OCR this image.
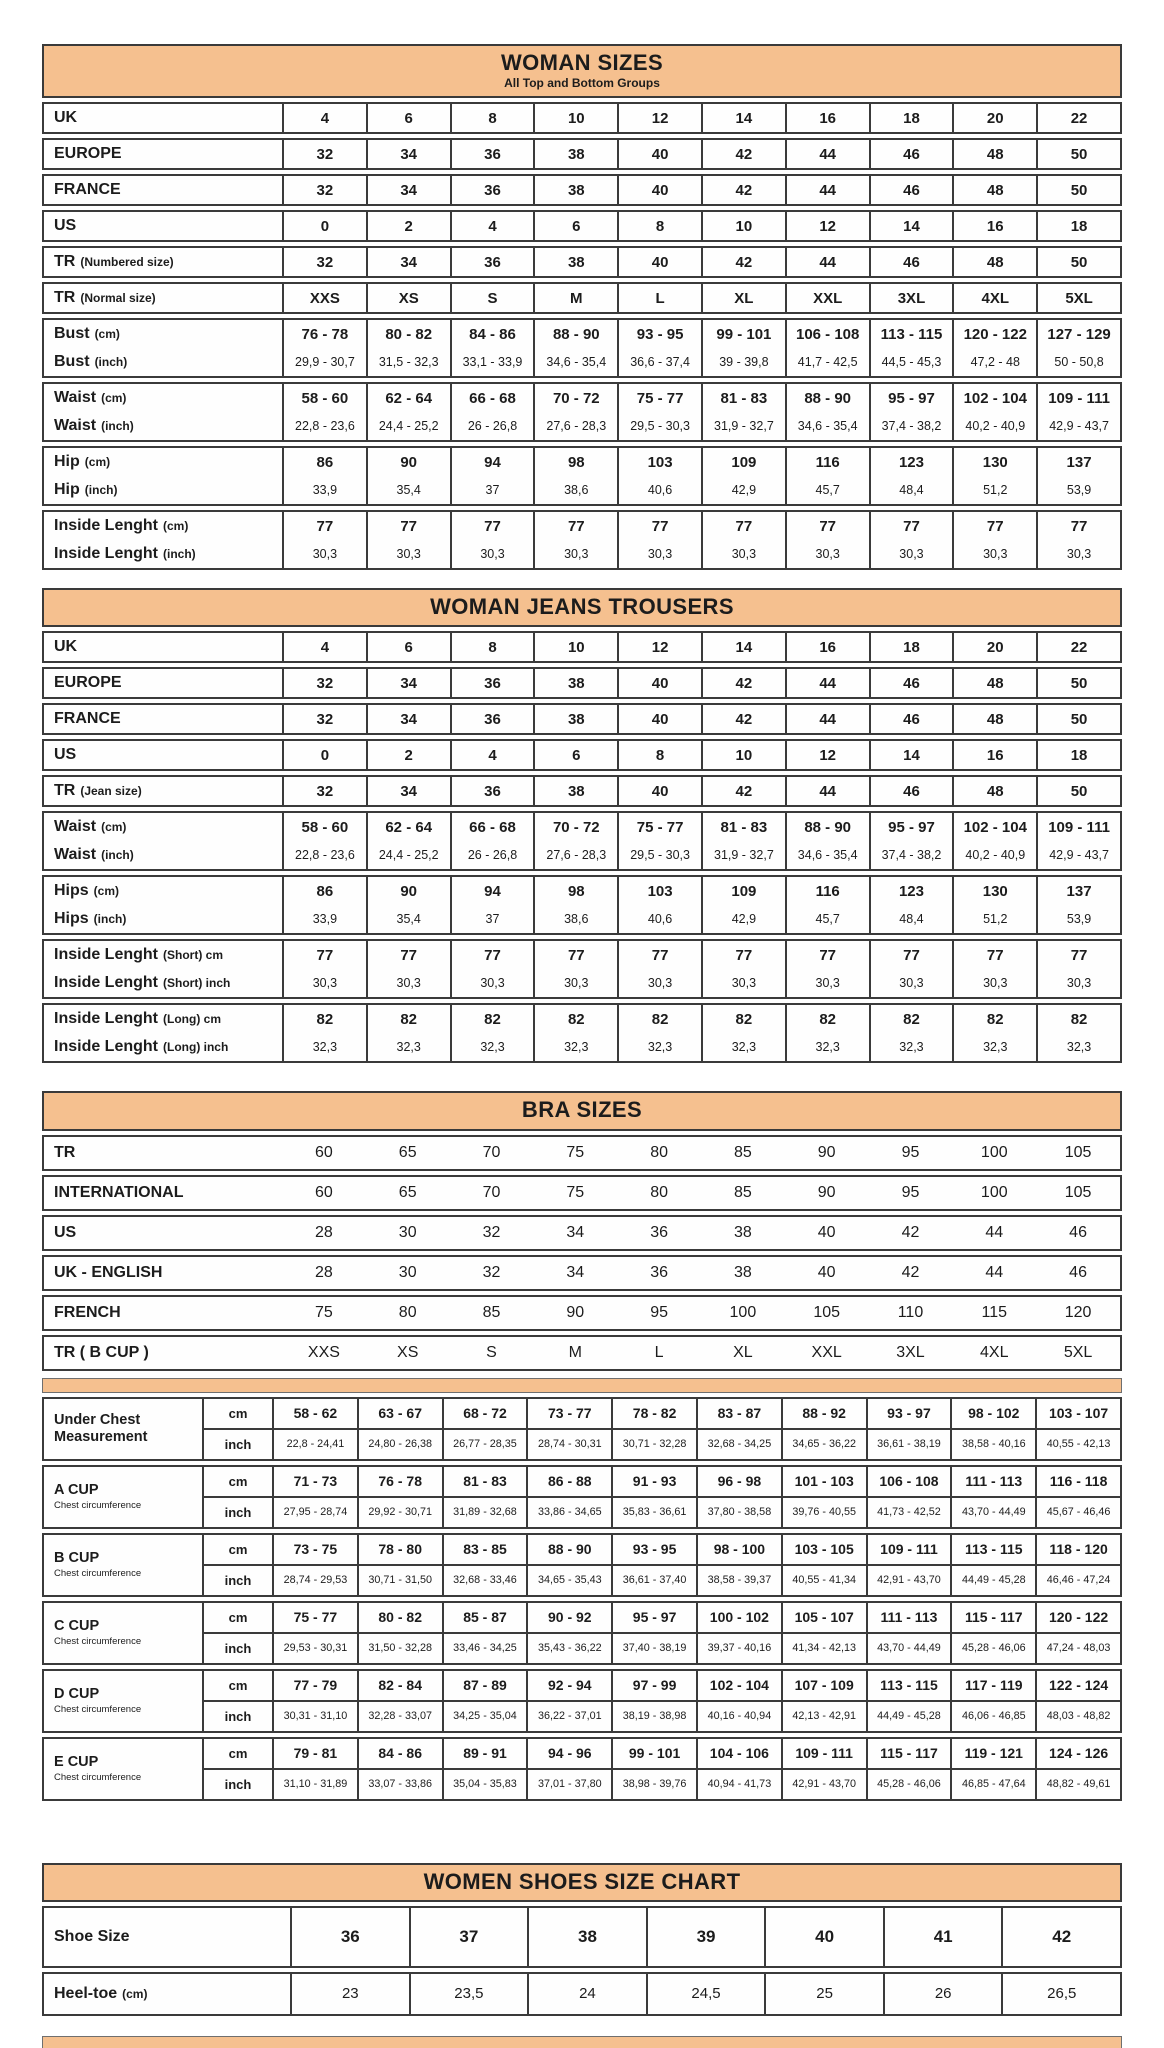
WOMAN SIZES
All Top and Bottom Groups
UK	4	6	8	10	12	14	16	18	20	22
EUROPE	32	34	36	38	40	42	44	46	48	50
FRANCE	32	34	36	38	40	42	44	46	48	50
US	0	2	4	6	8	10	12	14	16	18
TR (Numbered size)	32	34	36	38	40	42	44	46	48	50
TR (Normal size)	XXS	XS	S	M	L	XL	XXL	3XL	4XL	5XL
Bust (cm)	76 - 78	80 - 82	84 - 86	88 - 90	93 - 95	99 - 101	106 - 108	113 - 115	120 - 122	127 - 129
Bust (inch)	29,9 - 30,7	31,5 - 32,3	33,1 - 33,9	34,6 - 35,4	36,6 - 37,4	39 - 39,8	41,7 - 42,5	44,5 - 45,3	47,2 - 48	50 - 50,8
Waist (cm)	58 - 60	62 - 64	66 - 68	70 - 72	75 - 77	81 - 83	88 - 90	95 - 97	102 - 104	109 - 111
Waist (inch)	22,8 - 23,6	24,4 - 25,2	26 - 26,8	27,6 - 28,3	29,5 - 30,3	31,9 - 32,7	34,6 - 35,4	37,4 - 38,2	40,2 - 40,9	42,9 - 43,7
Hip (cm)	86	90	94	98	103	109	116	123	130	137
Hip (inch)	33,9	35,4	37	38,6	40,6	42,9	45,7	48,4	51,2	53,9
Inside Lenght (cm)	77	77	77	77	77	77	77	77	77	77
Inside Lenght (inch)	30,3	30,3	30,3	30,3	30,3	30,3	30,3	30,3	30,3	30,3
WOMAN JEANS TROUSERS
UK	4	6	8	10	12	14	16	18	20	22
EUROPE	32	34	36	38	40	42	44	46	48	50
FRANCE	32	34	36	38	40	42	44	46	48	50
US	0	2	4	6	8	10	12	14	16	18
TR (Jean size)	32	34	36	38	40	42	44	46	48	50
Waist (cm)	58 - 60	62 - 64	66 - 68	70 - 72	75 - 77	81 - 83	88 - 90	95 - 97	102 - 104	109 - 111
Waist (inch)	22,8 - 23,6	24,4 - 25,2	26 - 26,8	27,6 - 28,3	29,5 - 30,3	31,9 - 32,7	34,6 - 35,4	37,4 - 38,2	40,2 - 40,9	42,9 - 43,7
Hips (cm)	86	90	94	98	103	109	116	123	130	137
Hips (inch)	33,9	35,4	37	38,6	40,6	42,9	45,7	48,4	51,2	53,9
Inside Lenght (Short) cm	77	77	77	77	77	77	77	77	77	77
Inside Lenght (Short) inch	30,3	30,3	30,3	30,3	30,3	30,3	30,3	30,3	30,3	30,3
Inside Lenght (Long) cm	82	82	82	82	82	82	82	82	82	82
Inside Lenght (Long) inch	32,3	32,3	32,3	32,3	32,3	32,3	32,3	32,3	32,3	32,3
BRA SIZES
TR	60	65	70	75	80	85	90	95	100	105
INTERNATIONAL	60	65	70	75	80	85	90	95	100	105
US	28	30	32	34	36	38	40	42	44	46
UK - ENGLISH	28	30	32	34	36	38	40	42	44	46
FRENCH	75	80	85	90	95	100	105	110	115	120
TR ( B CUP )	XXS	XS	S	M	L	XL	XXL	3XL	4XL	5XL
Under Chest Measurement
cm	58 - 62	63 - 67	68 - 72	73 - 77	78 - 82	83 - 87	88 - 92	93 - 97	98 - 102	103 - 107
inch	22,8 - 24,41	24,80 - 26,38	26,77 - 28,35	28,74 - 30,31	30,71 - 32,28	32,68 - 34,25	34,65 - 36,22	36,61 - 38,19	38,58 - 40,16	40,55 - 42,13
A CUP
Chest circumference
cm	71 - 73	76 - 78	81 - 83	86 - 88	91 - 93	96 - 98	101 - 103	106 - 108	111 - 113	116 - 118
inch	27,95 - 28,74	29,92 - 30,71	31,89 - 32,68	33,86 - 34,65	35,83 - 36,61	37,80 - 38,58	39,76 - 40,55	41,73 - 42,52	43,70 - 44,49	45,67 - 46,46
B CUP
Chest circumference
cm	73 - 75	78 - 80	83 - 85	88 - 90	93 - 95	98 - 100	103 - 105	109 - 111	113 - 115	118 - 120
inch	28,74 - 29,53	30,71 - 31,50	32,68 - 33,46	34,65 - 35,43	36,61 - 37,40	38,58 - 39,37	40,55 - 41,34	42,91 - 43,70	44,49 - 45,28	46,46 - 47,24
C CUP
Chest circumference
cm	75 - 77	80 - 82	85 - 87	90 - 92	95 - 97	100 - 102	105 - 107	111 - 113	115 - 117	120 - 122
inch	29,53 - 30,31	31,50 - 32,28	33,46 - 34,25	35,43 - 36,22	37,40 - 38,19	39,37 - 40,16	41,34 - 42,13	43,70 - 44,49	45,28 - 46,06	47,24 - 48,03
D CUP
Chest circumference
cm	77 - 79	82 - 84	87 - 89	92 - 94	97 - 99	102 - 104	107 - 109	113 - 115	117 - 119	122 - 124
inch	30,31 - 31,10	32,28 - 33,07	34,25 - 35,04	36,22 - 37,01	38,19 - 38,98	40,16 - 40,94	42,13 - 42,91	44,49 - 45,28	46,06 - 46,85	48,03 - 48,82
E CUP
Chest circumference
cm	79 - 81	84 - 86	89 - 91	94 - 96	99 - 101	104 - 106	109 - 111	115 - 117	119 - 121	124 - 126
inch	31,10 - 31,89	33,07 - 33,86	35,04 - 35,83	37,01 - 37,80	38,98 - 39,76	40,94 - 41,73	42,91 - 43,70	45,28 - 46,06	46,85 - 47,64	48,82 - 49,61
WOMEN SHOES SIZE CHART
Shoe Size	36	37	38	39	40	41	42
Heel-toe (cm)	23	23,5	24	24,5	25	26	26,5
